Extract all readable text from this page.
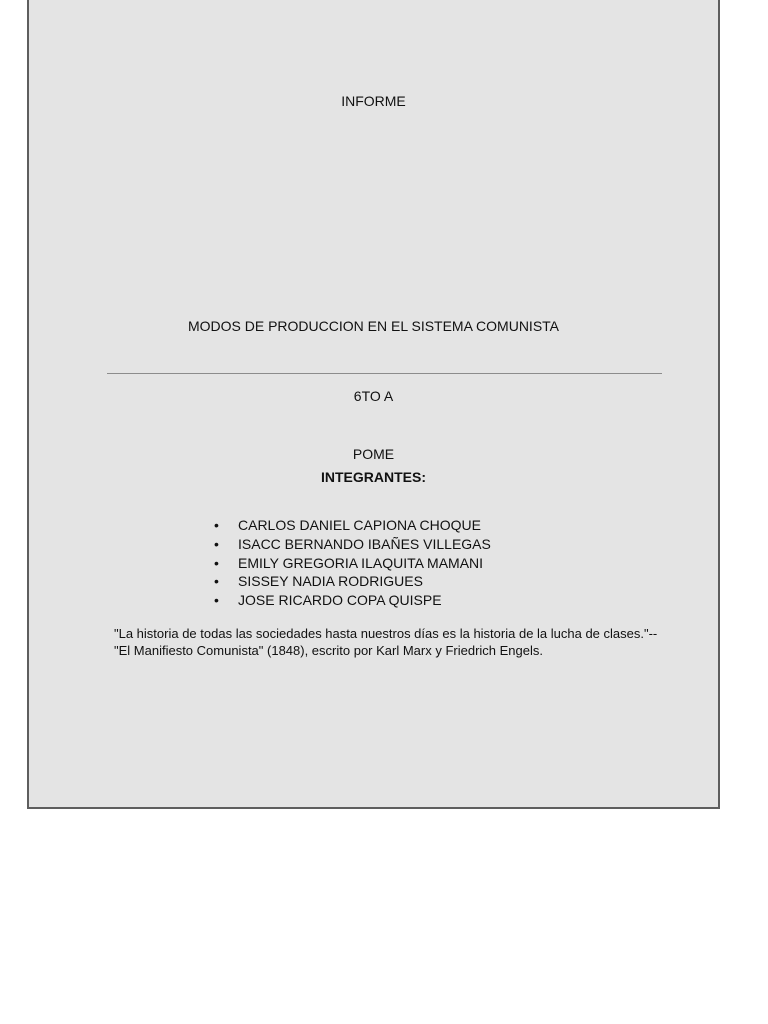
INFORME
MODOS DE PRODUCCION EN EL SISTEMA COMUNISTA
6TO A
POME
INTEGRANTES:
• CARLOS DANIEL CAPIONA CHOQUE
• ISACC BERNANDO IBAÑES VILLEGAS
• EMILY GREGORIA ILAQUITA MAMANI
• SISSEY NADIA RODRIGUES
• JOSE RICARDO COPA QUISPE
"La historia de todas las sociedades hasta nuestros días es la historia de la lucha de clases."-- "El Manifiesto Comunista" (1848), escrito por Karl Marx y Friedrich Engels.
